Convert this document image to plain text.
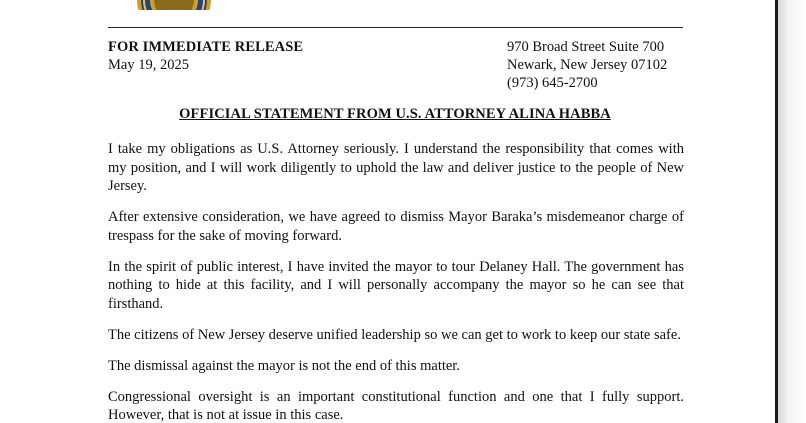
FOR IMMEDIATE RELEASE
May 19, 2025
970 Broad Street Suite 700
Newark, New Jersey 07102
(973) 645-2700
OFFICIAL STATEMENT FROM U.S. ATTORNEY ALINA HABBA

I take my obligations as U.S. Attorney seriously. I understand the responsibility that comes with my position, and I will work diligently to uphold the law and deliver justice to the people of New Jersey.

After extensive consideration, we have agreed to dismiss Mayor Baraka’s misdemeanor charge of trespass for the sake of moving forward.

In the spirit of public interest, I have invited the mayor to tour Delaney Hall. The government has nothing to hide at this facility, and I will personally accompany the mayor so he can see that firsthand.

The citizens of New Jersey deserve unified leadership so we can get to work to keep our state safe.

The dismissal against the mayor is not the end of this matter.

Congressional oversight is an important constitutional function and one that I fully support. However, that is not at issue in this case.
